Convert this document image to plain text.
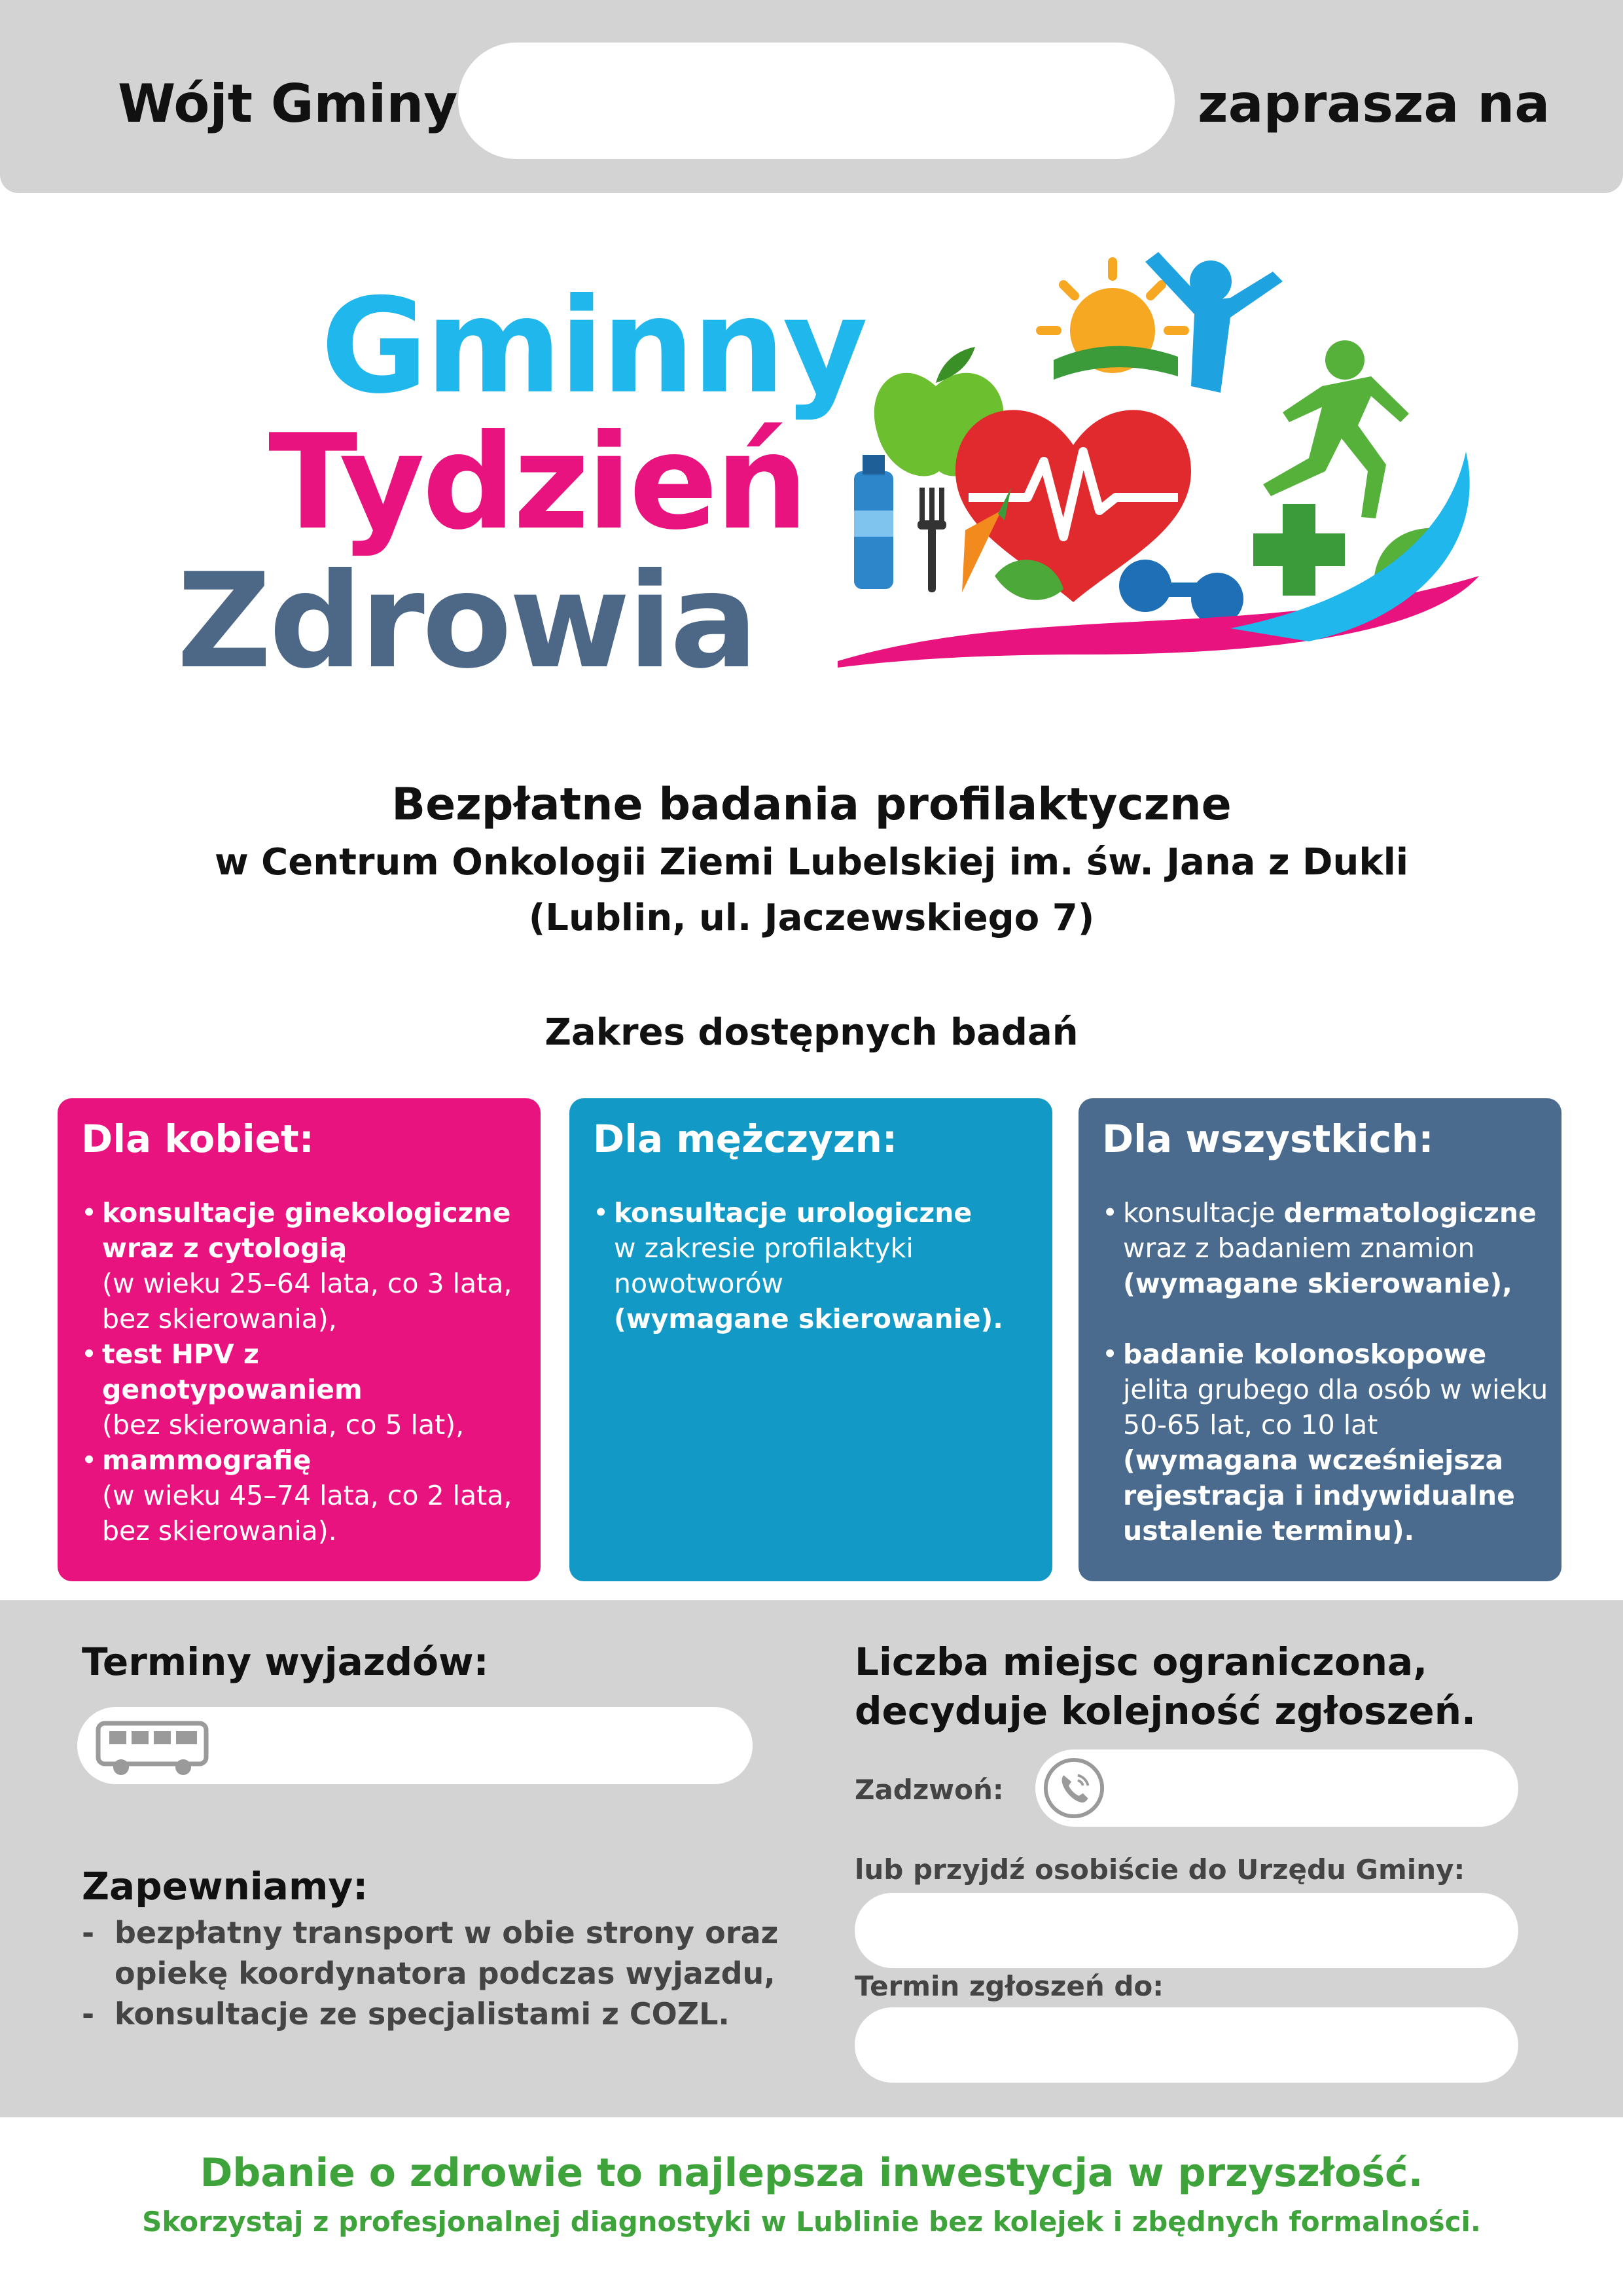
Wójt Gminy	zaprasza na
Gminny
Tydzień
Zdrowia
Bezpłatne badania profilaktyczne
w Centrum Onkologii Ziemi Lubelskiej im. św. Jana z Dukli
(Lublin, ul. Jaczewskiego 7)
Zakres dostępnych badań
Dla kobiet:
• konsultacje ginekologiczne wraz z cytologią
(w wieku 25–64 lata, co 3 lata, bez skierowania),
• test HPV z genotypowaniem
(bez skierowania, co 5 lat),
• mammografię
(w wieku 45–74 lata, co 2 lata, bez skierowania).
Dla mężczyzn:
• konsultacje urologiczne
w zakresie profilaktyki nowotworów
(wymagane skierowanie).
Dla wszystkich:
• konsultacje dermatologiczne
wraz z badaniem znamion
(wymagane skierowanie),
• badanie kolonoskopowe
jelita grubego dla osób w wieku 50-65 lat, co 10 lat
(wymagana wcześniejsza rejestracja i indywidualne ustalenie terminu).
Terminy wyjazdów:
Zapewniamy:
- bezpłatny transport w obie strony oraz opiekę koordynatora podczas wyjazdu,
- konsultacje ze specjalistami z COZL.
Liczba miejsc ograniczona,
decyduje kolejność zgłoszeń.
Zadzwoń:
lub przyjdź osobiście do Urzędu Gminy:
Termin zgłoszeń do:
Dbanie o zdrowie to najlepsza inwestycja w przyszłość.
Skorzystaj z profesjonalnej diagnostyki w Lublinie bez kolejek i zbędnych formalności.
